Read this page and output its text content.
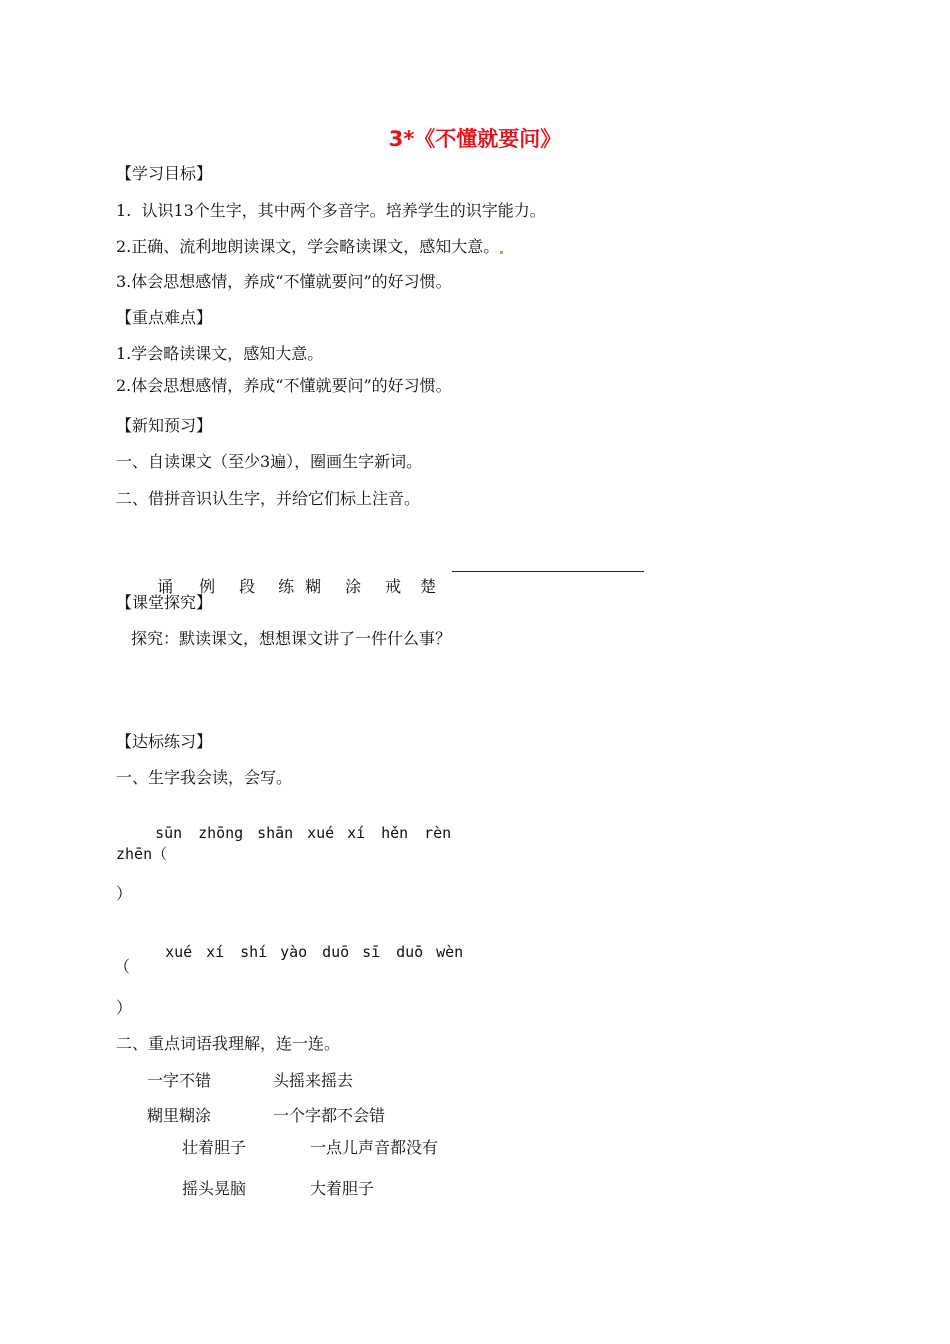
3*《不懂就要问》
【学习目标】
1.  认识13个生字，其中两个多音字。培养学生的识字能力。
2.正确、流利地朗读课文，学会略读课文，感知大意。
3.体会思想感情，养成“不懂就要问”的好习惯。
【重点难点】
1.学会略读课文，感知大意。
2.体会思想感情，养成“不懂就要问”的好习惯。
【新知预习】
一、自读课文（至少3遍），圈画生字新词。
二、借拼音识认生字，并给它们标上注音。

诵 例 段 练 糊 涂 戒 楚

【课堂探究】
探究：默读课文，想想课文讲了一件什么事？
【达标练习】
一、生字我会读，会写。

sūn zhōng shān xué xí hěn rèn

zhēn（
）

xué xí shí yào duō sī duō wèn

（
）
二、重点词语我理解，连一连。
一字不错	头摇来摇去
糊里糊涂	一个字都不会错
壮着胆子	一点儿声音都没有
摇头晃脑	大着胆子
